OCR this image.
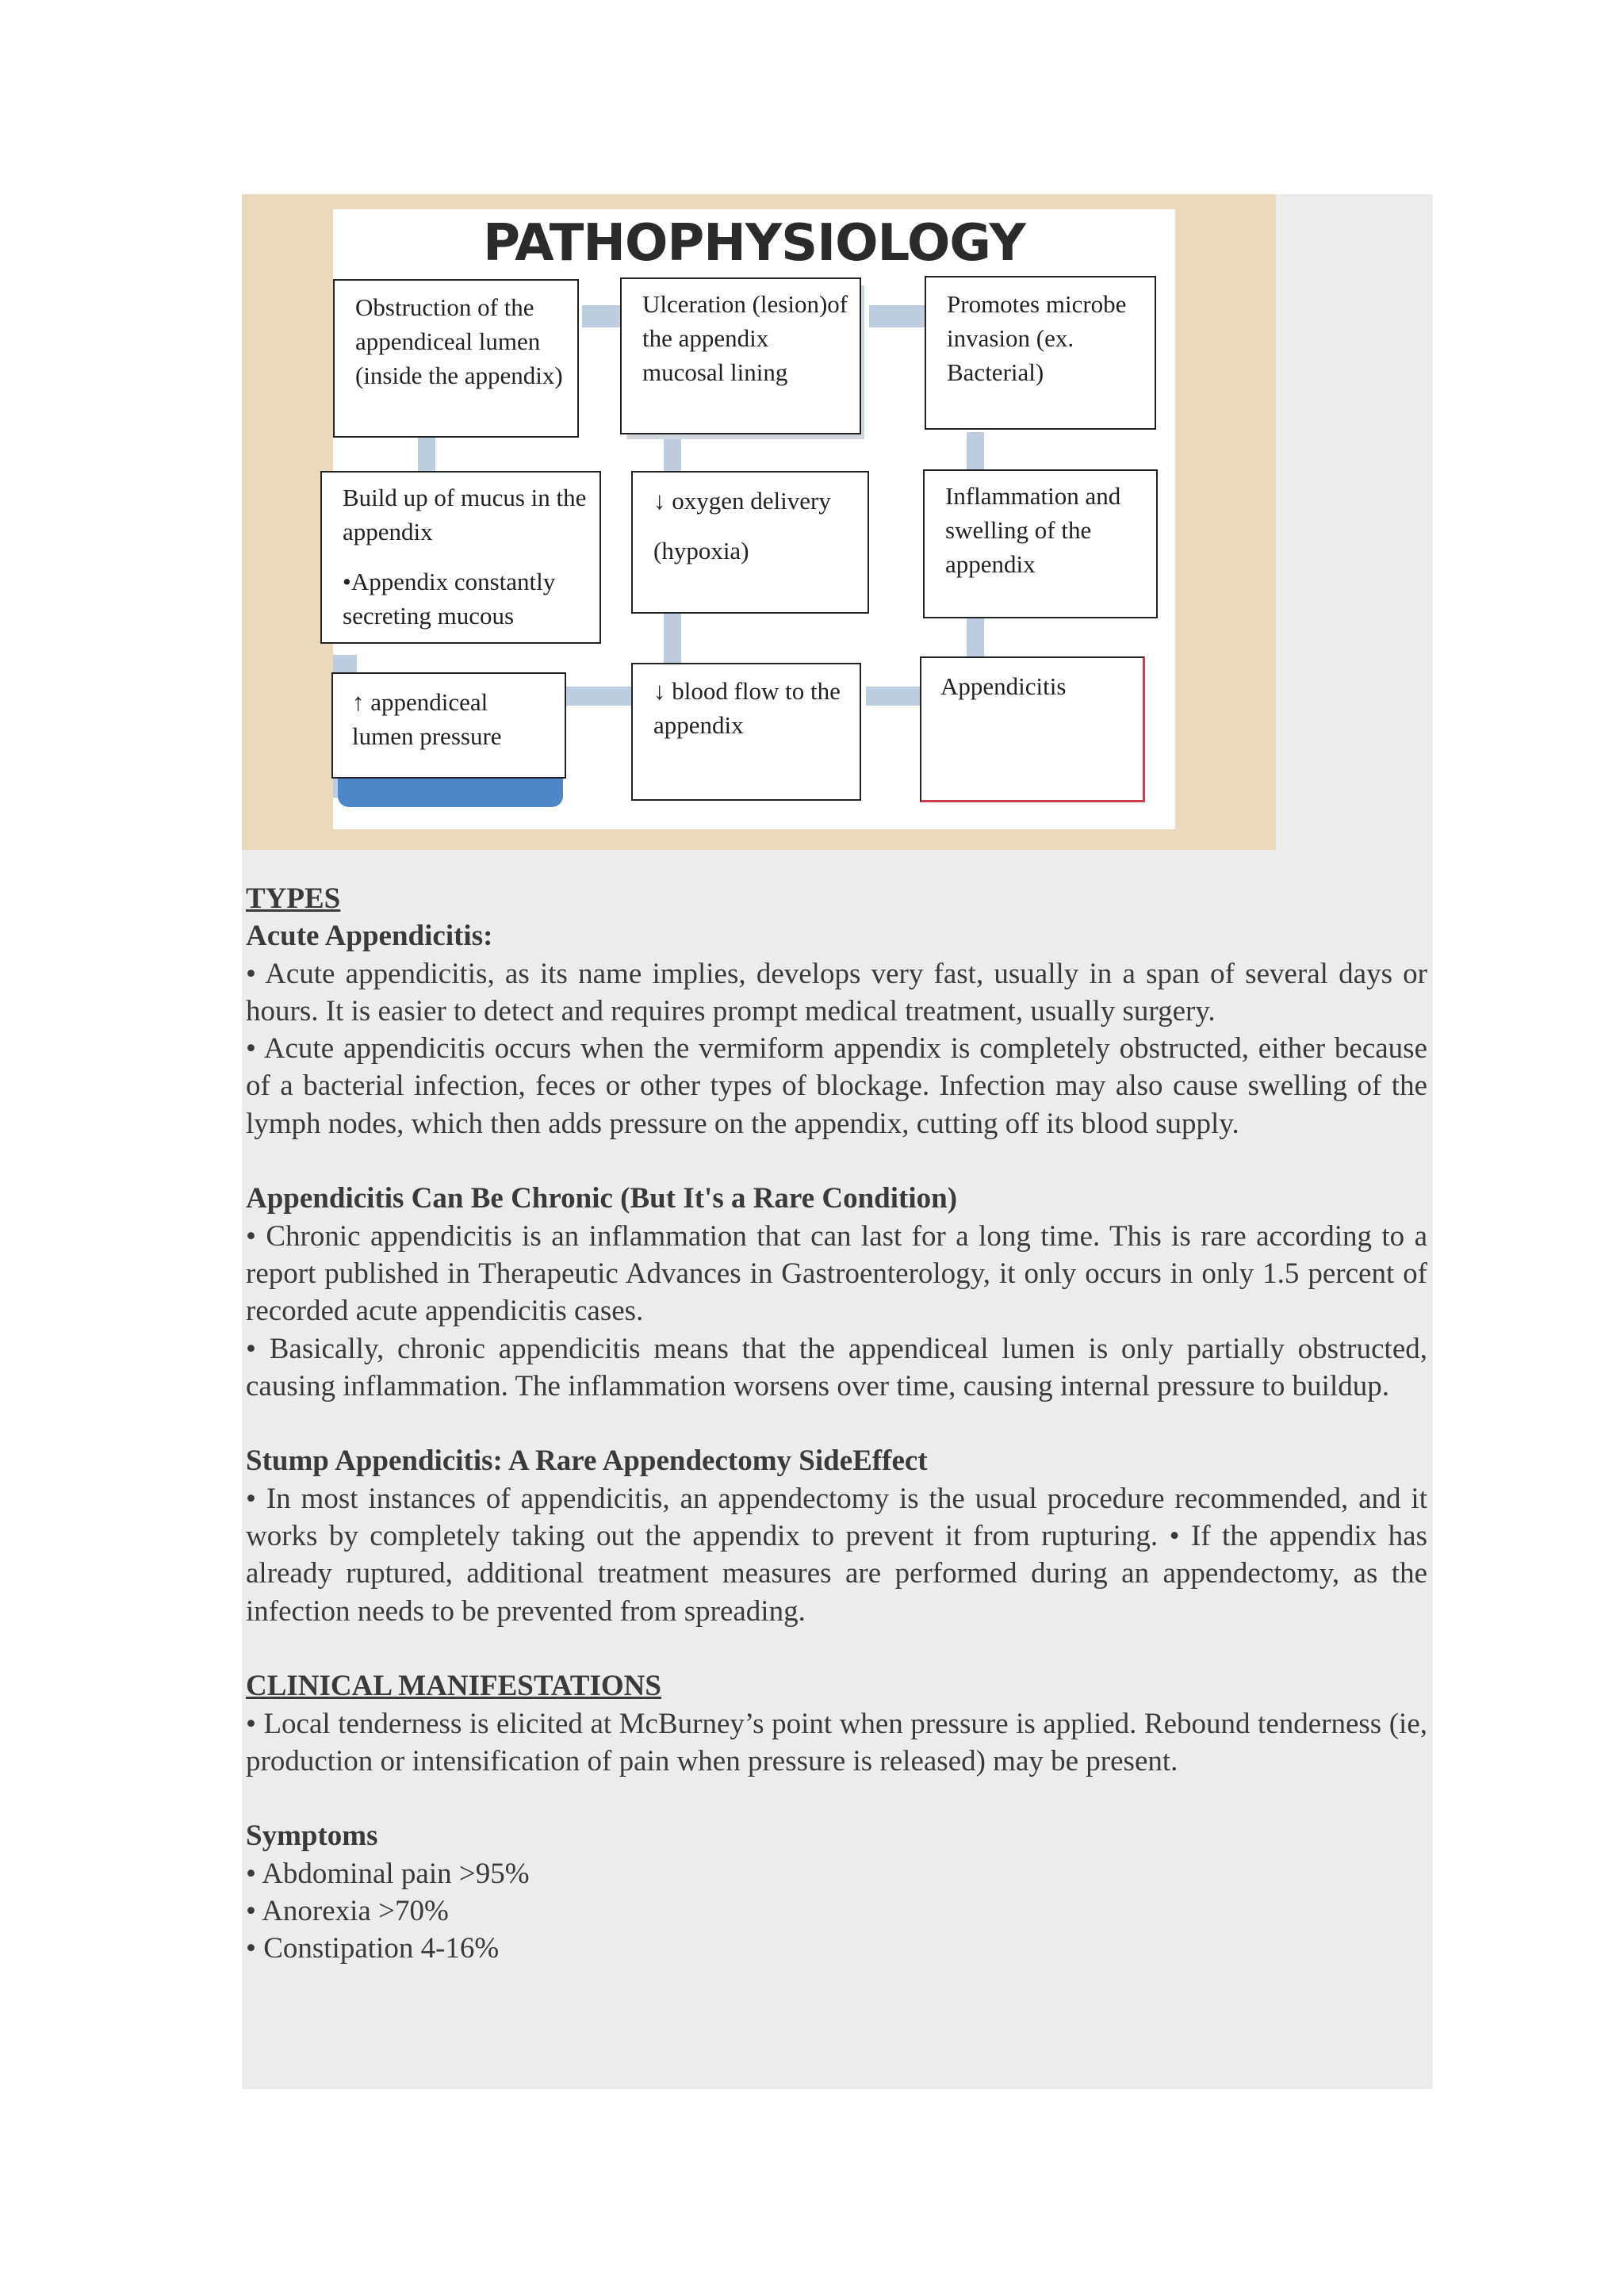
PATHOPHYSIOLOGY
Obstruction of the appendiceal lumen (inside the appendix)
Ulceration (lesion)of the appendix mucosal lining
Promotes microbe invasion (ex. Bacterial)
Build up of mucus in the appendix
•Appendix constantly secreting mucous
↓ oxygen delivery
(hypoxia)
Inflammation and swelling of the appendix
↑ appendiceal lumen pressure
↓ blood flow to the appendix
Appendicitis
TYPES
Acute Appendicitis:

• Acute appendicitis, as its name implies, develops very fast, usually in a span of several days or hours. It is easier to detect and requires prompt medical treatment, usually surgery.

• Acute appendicitis occurs when the vermiform appendix is completely obstructed, either because of a bacterial infection, feces or other types of blockage. Infection may also cause swelling of the lymph nodes, which then adds pressure on the appendix, cutting off its blood supply.

Appendicitis Can Be Chronic (But It's a Rare Condition)

• Chronic appendicitis is an inflammation that can last for a long time. This is rare according to a report published in Therapeutic Advances in Gastroenterology, it only occurs in only 1.5 percent of recorded acute appendicitis cases.

• Basically, chronic appendicitis means that the appendiceal lumen is only partially obstructed, causing inflammation. The inflammation worsens over time, causing internal pressure to buildup.

Stump Appendicitis: A Rare Appendectomy SideEffect

• In most instances of appendicitis, an appendectomy is the usual procedure recommended, and it works by completely taking out the appendix to prevent it from rupturing. • If the appendix has already ruptured, additional treatment measures are performed during an appendectomy, as the infection needs to be prevented from spreading.

CLINICAL MANIFESTATIONS

• Local tenderness is elicited at McBurney’s point when pressure is applied. Rebound tenderness (ie, production or intensification of pain when pressure is released) may be present.

Symptoms
• Abdominal pain >95%
• Anorexia >70%
• Constipation 4-16%
